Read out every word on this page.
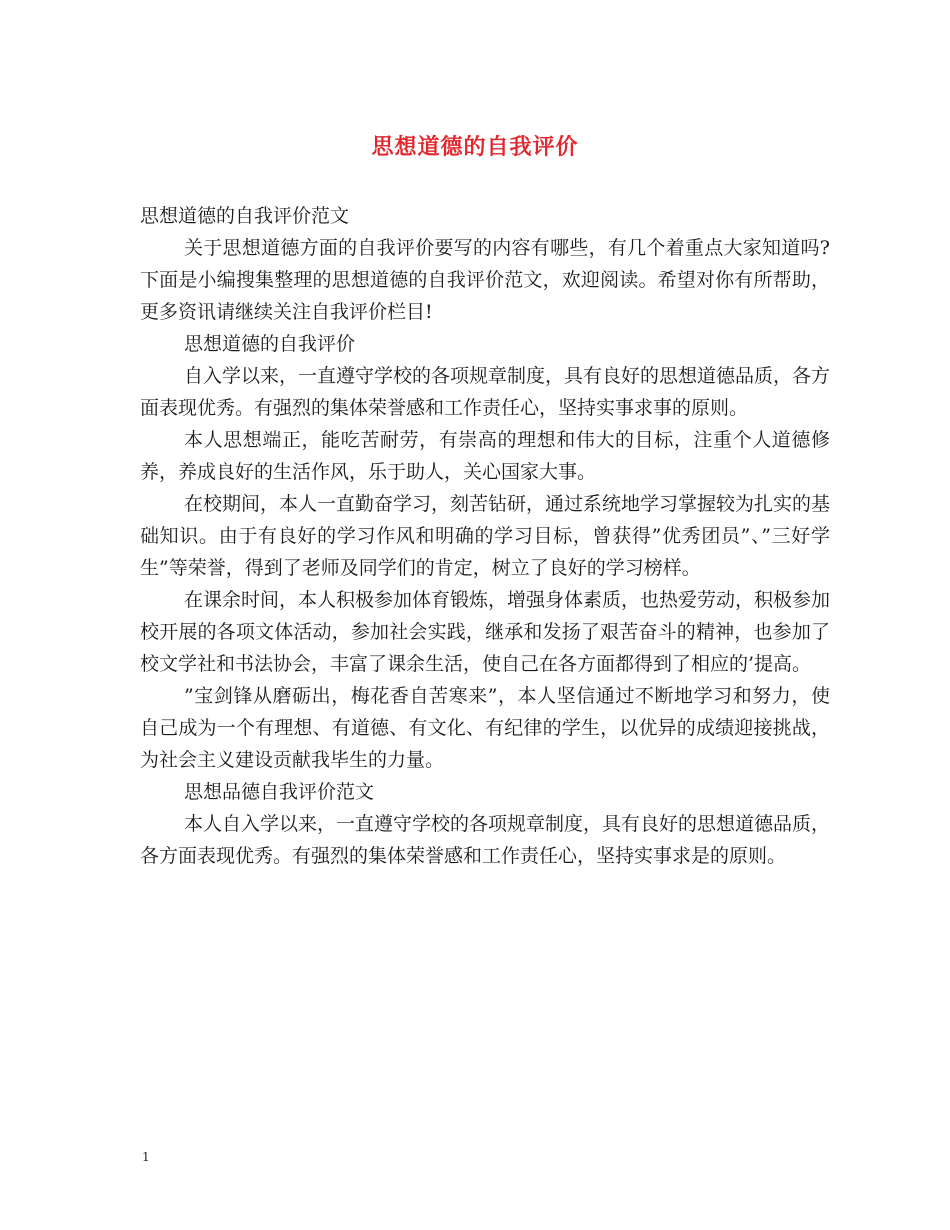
思想道德的自我评价

思想道德的自我评价范文

关于思想道德方面的自我评价要写的内容有哪些，有几个着重点大家知道吗?下面是小编搜集整理的思想道德的自我评价范文，欢迎阅读。希望对你有所帮助，更多资讯请继续关注自我评价栏目!

思想道德的自我评价

自入学以来，一直遵守学校的各项规章制度，具有良好的思想道德品质，各方面表现优秀。有强烈的集体荣誉感和工作责任心，坚持实事求事的原则。

本人思想端正，能吃苦耐劳，有崇高的理想和伟大的目标，注重个人道德修养，养成良好的生活作风，乐于助人，关心国家大事。

在校期间，本人一直勤奋学习，刻苦钻研，通过系统地学习掌握较为扎实的基础知识。由于有良好的学习作风和明确的学习目标，曾获得”优秀团员”、”三好学生”等荣誉，得到了老师及同学们的肯定，树立了良好的学习榜样。

在课余时间，本人积极参加体育锻炼，增强身体素质，也热爱劳动，积极参加校开展的各项文体活动，参加社会实践，继承和发扬了艰苦奋斗的精神，也参加了校文学社和书法协会，丰富了课余生活，使自己在各方面都得到了相应的’提高。

”宝剑锋从磨砺出，梅花香自苦寒来”，本人坚信通过不断地学习和努力，使自己成为一个有理想、有道德、有文化、有纪律的学生，以优异的成绩迎接挑战，为社会主义建设贡献我毕生的力量。

思想品德自我评价范文

本人自入学以来，一直遵守学校的各项规章制度，具有良好的思想道德品质，各方面表现优秀。有强烈的集体荣誉感和工作责任心，坚持实事求是的原则。

1
